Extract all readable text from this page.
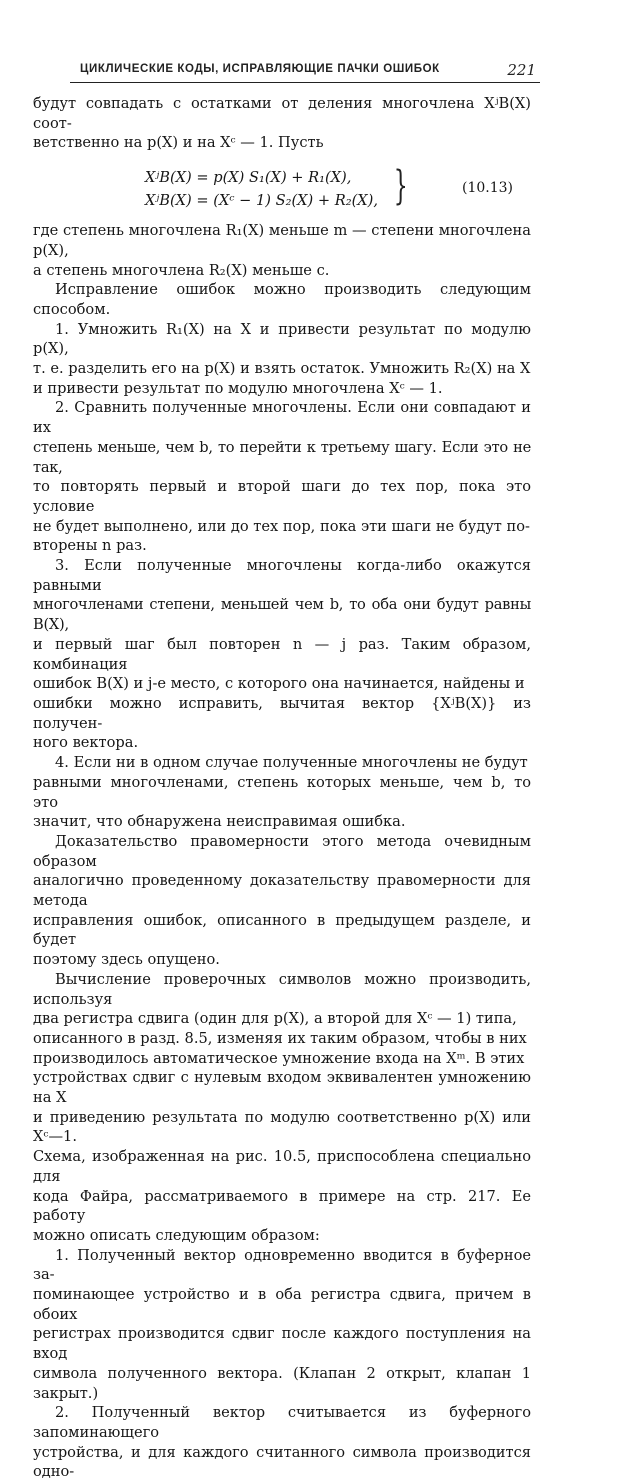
ЦИКЛИЧЕСКИЕ КОДЫ, ИСПРАВЛЯЮЩИЕ ПАЧКИ ОШИБОК	221

будут совпадать с остатками от деления многочлена XʲB(X) соот-
ветственно на p(X) и на Xᶜ — 1. Пусть

XʲB(X) = p(X) S₁(X) + R₁(X),
XʲB(X) = (Xᶜ − 1) S₂(X) + R₂(X), }	(10.13)

где степень многочлена R₁(X) меньше m — степени многочлена p(X),
а степень многочлена R₂(X) меньше c.

Исправление ошибок можно производить следующим способом.

1. Умножить R₁(X) на X и привести результат по модулю p(X),
т. е. разделить его на p(X) и взять остаток. Умножить R₂(X) на X
и привести результат по модулю многочлена Xᶜ — 1.

2. Сравнить полученные многочлены. Если они совпадают и их
степень меньше, чем b, то перейти к третьему шагу. Если это не так,
то повторять первый и второй шаги до тех пор, пока это условие
не будет выполнено, или до тех пор, пока эти шаги не будут по-
вторены n раз.

3. Если полученные многочлены когда-либо окажутся равными
многочленами степени, меньшей чем b, то оба они будут равны B(X),
и первый шаг был повторен n — j раз. Таким образом, комбинация
ошибок B(X) и j-е место, с которого она начинается, найдены и
ошибки можно исправить, вычитая вектор {XʲB(X)} из получен-
ного вектора.

4. Если ни в одном случае полученные многочлены не будут
равными многочленами, степень которых меньше, чем b, то это
значит, что обнаружена неисправимая ошибка.

Доказательство правомерности этого метода очевидным образом
аналогично проведенному доказательству правомерности для метода
исправления ошибок, описанного в предыдущем разделе, и будет
поэтому здесь опущено.

Вычисление проверочных символов можно производить, используя
два регистра сдвига (один для p(X), а второй для Xᶜ — 1) типа,
описанного в разд. 8.5, изменяя их таким образом, чтобы в них
производилось автоматическое умножение входа на Xᵐ. В этих
устройствах сдвиг с нулевым входом эквивалентен умножению на X
и приведению результата по модулю соответственно p(X) или Xᶜ—1.
Схема, изображенная на рис. 10.5, приспособлена специально для
кода Файра, рассматриваемого в примере на стр. 217. Ее работу
можно описать следующим образом:

1. Полученный вектор одновременно вводится в буферное за-
поминающее устройство и в оба регистра сдвига, причем в обоих
регистрах производится сдвиг после каждого поступления на вход
символа полученного вектора. (Клапан 2 открыт, клапан 1 закрыт.)

2. Полученный вектор считывается из буферного запоминающего
устройства, и для каждого считанного символа производится одно-
